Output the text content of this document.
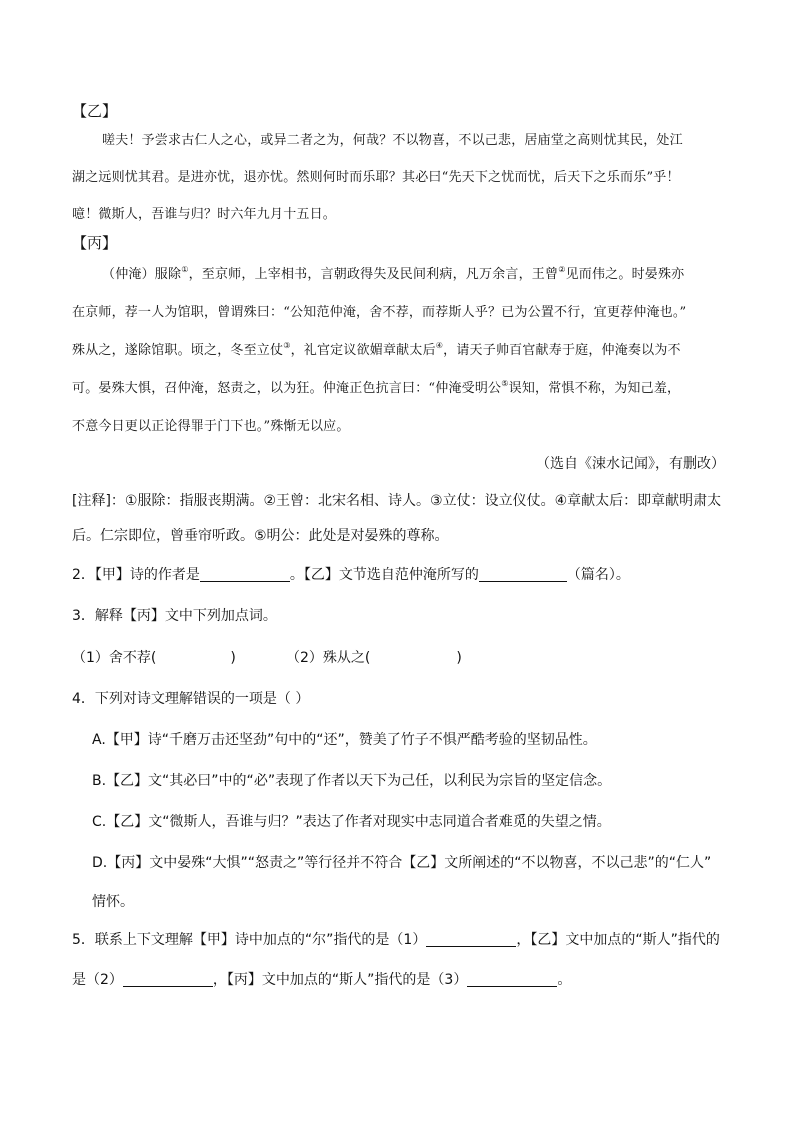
【乙】
嗟夫！予尝求古仁人之心，或异二者之为，何哉？不以物喜，不以己悲，居庙堂之高则忧其民，处江
湖之远则忧其君。是进亦忧，退亦忧。然则何时而乐耶？其必曰“先天下之忧而忧，后天下之乐而乐”乎！
噫！微斯人，吾谁与归？时六年九月十五日。
【丙】
（仲淹）服除①，至京师，上宰相书，言朝政得失及民间利病，凡万余言，王曾②见而伟之。时晏殊亦
在京师，荐一人为馆职，曾谓殊曰：“公知范仲淹，舍不荐，而荐斯人乎？已为公置不行，宜更荐仲淹也。”
殊从之，遂除馆职。顷之，冬至立仗③，礼官定议欲媚章献太后④，请天子帅百官献寿于庭，仲淹奏以为不
可。晏殊大惧，召仲淹，怒责之，以为狂。仲淹正色抗言曰：“仲淹受明公⑤误知，常惧不称，为知己羞，
不意今日更以正论得罪于门下也。”殊惭无以应。
（选自《涑水记闻》，有删改）
[注释]：①服除：指服丧期满。②王曾：北宋名相、诗人。③立仗：设立仪仗。④章献太后：即章献明肃太
后。仁宗即位，曾垂帘听政。⑤明公：此处是对晏殊的尊称。
2．【甲】诗的作者是	。【乙】文节选自范仲淹所写的	（篇名）。
3．解释【丙】文中下列加点词。
（1）舍不荐(	)	（2）殊从之(	)
4．下列对诗文理解错误的一项是（ ）
A.【甲】诗“千磨万击还坚劲”句中的“还”，赞美了竹子不惧严酷考验的坚韧品性。
B.【乙】文“其必曰”中的“必”表现了作者以天下为己任，以利民为宗旨的坚定信念。
C.【乙】文“微斯人，吾谁与归？”表达了作者对现实中志同道合者难觅的失望之情。
D.【丙】文中晏殊“大惧”“怒责之”等行径并不符合【乙】文所阐述的“不以物喜，不以己悲”的“仁人”
情怀。
5．联系上下文理解【甲】诗中加点的“尔”指代的是（1）	，【乙】文中加点的“斯人”指代的
是（2）	，【丙】文中加点的“斯人”指代的是（3）	。
